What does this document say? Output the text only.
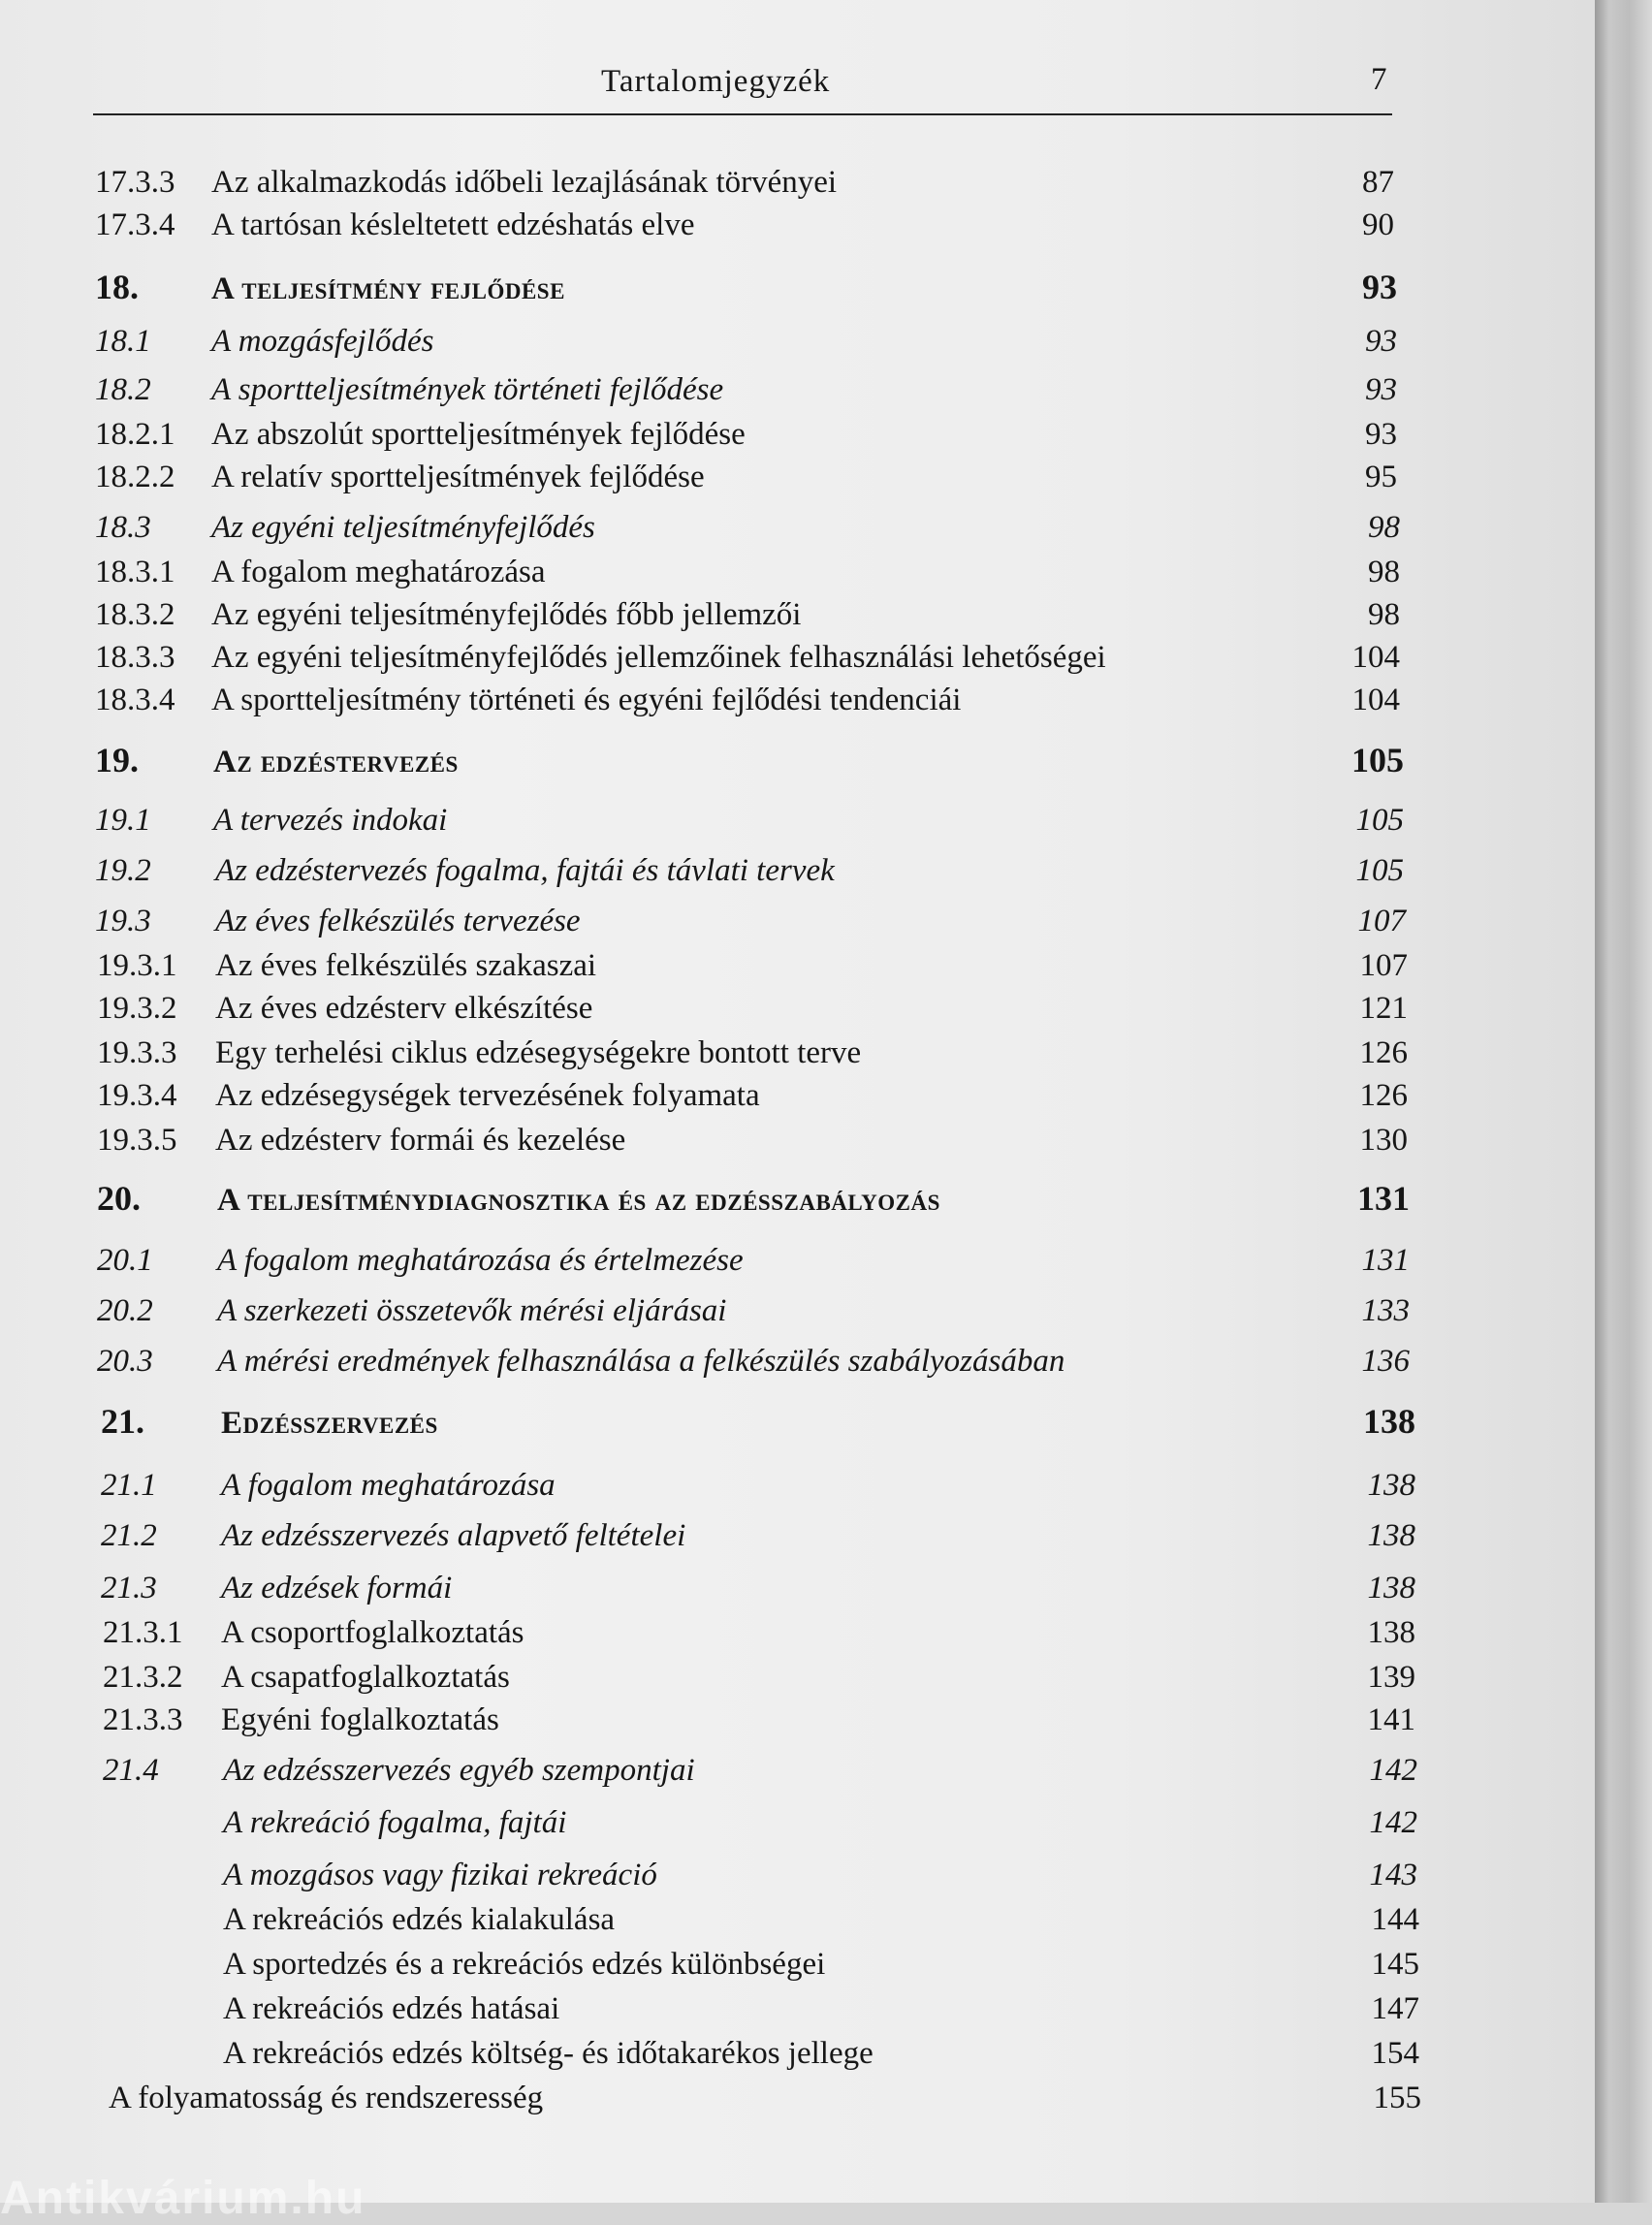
Tartalomjegyzék	7
17.3.3	Az alkalmazkodás időbeli lezajlásának törvényei	87
17.3.4	A tartósan késleltetett edzéshatás elve	90
18.	A teljesítmény fejlődése	93
18.1	A mozgásfejlődés	93
18.2	A sportteljesítmények történeti fejlődése	93
18.2.1	Az abszolút sportteljesítmények fejlődése	93
18.2.2	A relatív sportteljesítmények fejlődése	95
18.3	Az egyéni teljesítményfejlődés	98
18.3.1	A fogalom meghatározása	98
18.3.2	Az egyéni teljesítményfejlődés főbb jellemzői	98
18.3.3	Az egyéni teljesítményfejlődés jellemzőinek felhasználási lehetőségei	104
18.3.4	A sportteljesítmény történeti és egyéni fejlődési tendenciái	104
19.	Az edzéstervezés	105
19.1	A tervezés indokai	105
19.2	Az edzéstervezés fogalma, fajtái és távlati tervek	105
19.3	Az éves felkészülés tervezése	107
19.3.1	Az éves felkészülés szakaszai	107
19.3.2	Az éves edzésterv elkészítése	121
19.3.3	Egy terhelési ciklus edzésegységekre bontott terve	126
19.3.4	Az edzésegységek tervezésének folyamata	126
19.3.5	Az edzésterv formái és kezelése	130
20.	A teljesítménydiagnosztika és az edzésszabályozás	131
20.1	A fogalom meghatározása és értelmezése	131
20.2	A szerkezeti összetevők mérési eljárásai	133
20.3	A mérési eredmények felhasználása a felkészülés szabályozásában	136
21.	Edzésszervezés	138
21.1	A fogalom meghatározása	138
21.2	Az edzésszervezés alapvető feltételei	138
21.3	Az edzések formái	138
21.3.1	A csoportfoglalkoztatás	138
21.3.2	A csapatfoglalkoztatás	139
21.3.3	Egyéni foglalkoztatás	141
21.4	Az edzésszervezés egyéb szempontjai	142
A rekreáció fogalma, fajtái	142
A mozgásos vagy fizikai rekreáció	143
A rekreációs edzés kialakulása	144
A sportedzés és a rekreációs edzés különbségei	145
A rekreációs edzés hatásai	147
A rekreációs edzés költség- és időtakarékos jellege	154
A folyamatosság és rendszeresség	155
Antikvárium.hu
